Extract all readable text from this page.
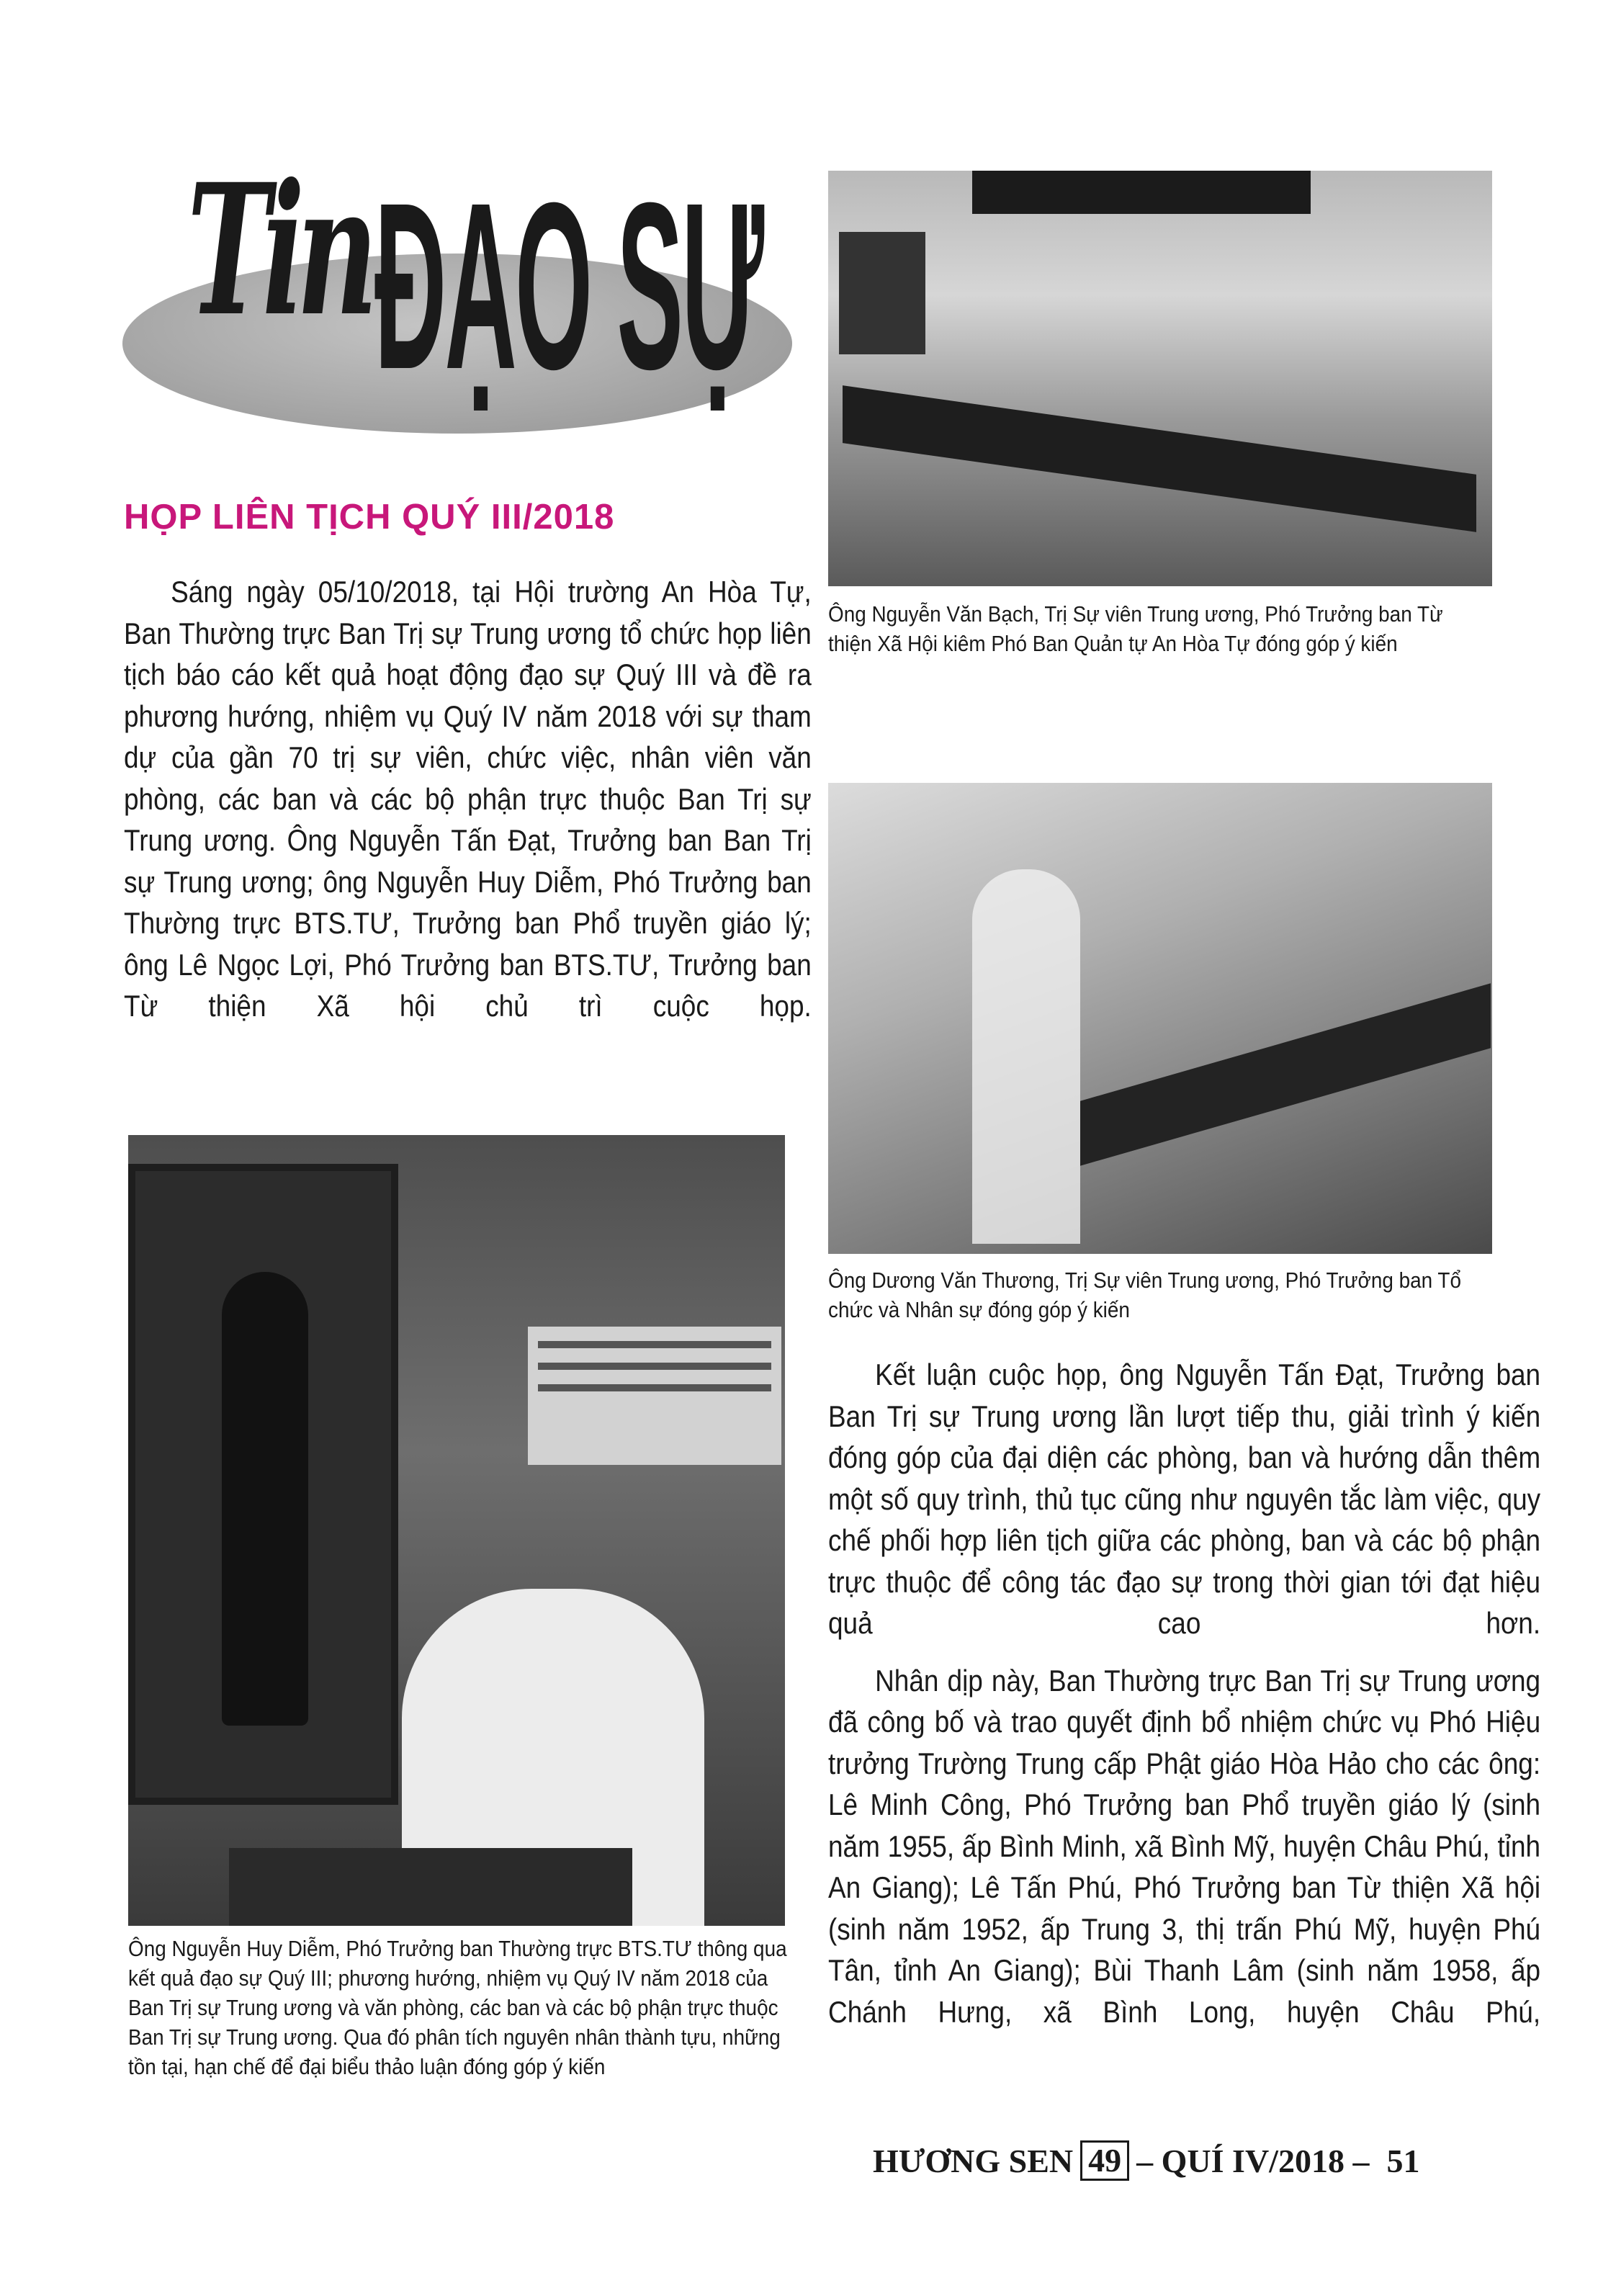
Tin ĐẠO SỰ
HỌP LIÊN TỊCH QUÝ III/2018

Sáng ngày 05/10/2018, tại Hội trường An Hòa Tự, Ban Thường trực Ban Trị sự Trung ương tổ chức họp liên tịch báo cáo kết quả hoạt động đạo sự Quý III và đề ra phương hướng, nhiệm vụ Quý IV năm 2018 với sự tham dự của gần 70 trị sự viên, chức việc, nhân viên văn phòng, các ban và các bộ phận trực thuộc Ban Trị sự Trung ương. Ông Nguyễn Tấn Đạt, Trưởng ban Ban Trị sự Trung ương; ông Nguyễn Huy Diễm, Phó Trưởng ban Thường trực BTS.TƯ, Trưởng ban Phổ truyền giáo lý; ông Lê Ngọc Lợi, Phó Trưởng ban BTS.TƯ, Trưởng ban Từ thiện Xã hội chủ trì cuộc họp.

Ông Nguyễn Văn Bạch, Trị Sự viên Trung ương, Phó Trưởng ban Từ thiện Xã Hội kiêm Phó Ban Quản tự An Hòa Tự đóng góp ý kiến
Ông Dương Văn Thương, Trị Sự viên Trung ương, Phó Trưởng ban Tổ chức và Nhân sự đóng góp ý kiến
Ông Nguyễn Huy Diễm, Phó Trưởng ban Thường trực BTS.TƯ thông qua kết quả đạo sự Quý III; phương hướng, nhiệm vụ Quý IV năm 2018 của Ban Trị sự Trung ương và văn phòng, các ban và các bộ phận trực thuộc Ban Trị sự Trung ương. Qua đó phân tích nguyên nhân thành tựu, những tồn tại, hạn chế để đại biểu thảo luận đóng góp ý kiến

Kết luận cuộc họp, ông Nguyễn Tấn Đạt, Trưởng ban Ban Trị sự Trung ương lần lượt tiếp thu, giải trình ý kiến đóng góp của đại diện các phòng, ban và hướng dẫn thêm một số quy trình, thủ tục cũng như nguyên tắc làm việc, quy chế phối hợp liên tịch giữa các phòng, ban và các bộ phận trực thuộc để công tác đạo sự trong thời gian tới đạt hiệu quả cao hơn.

Nhân dịp này, Ban Thường trực Ban Trị sự Trung ương đã công bố và trao quyết định bổ nhiệm chức vụ Phó Hiệu trưởng Trường Trung cấp Phật giáo Hòa Hảo cho các ông: Lê Minh Công, Phó Trưởng ban Phổ truyền giáo lý (sinh năm 1955, ấp Bình Minh, xã Bình Mỹ, huyện Châu Phú, tỉnh An Giang); Lê Tấn Phú, Phó Trưởng ban Từ thiện Xã hội (sinh năm 1952, ấp Trung 3, thị trấn Phú Mỹ, huyện Phú Tân, tỉnh An Giang); Bùi Thanh Lâm (sinh năm 1958, ấp Chánh Hưng, xã Bình Long, huyện Châu Phú,

HƯƠNG SEN 49 – QUÍ IV/2018 – 51
